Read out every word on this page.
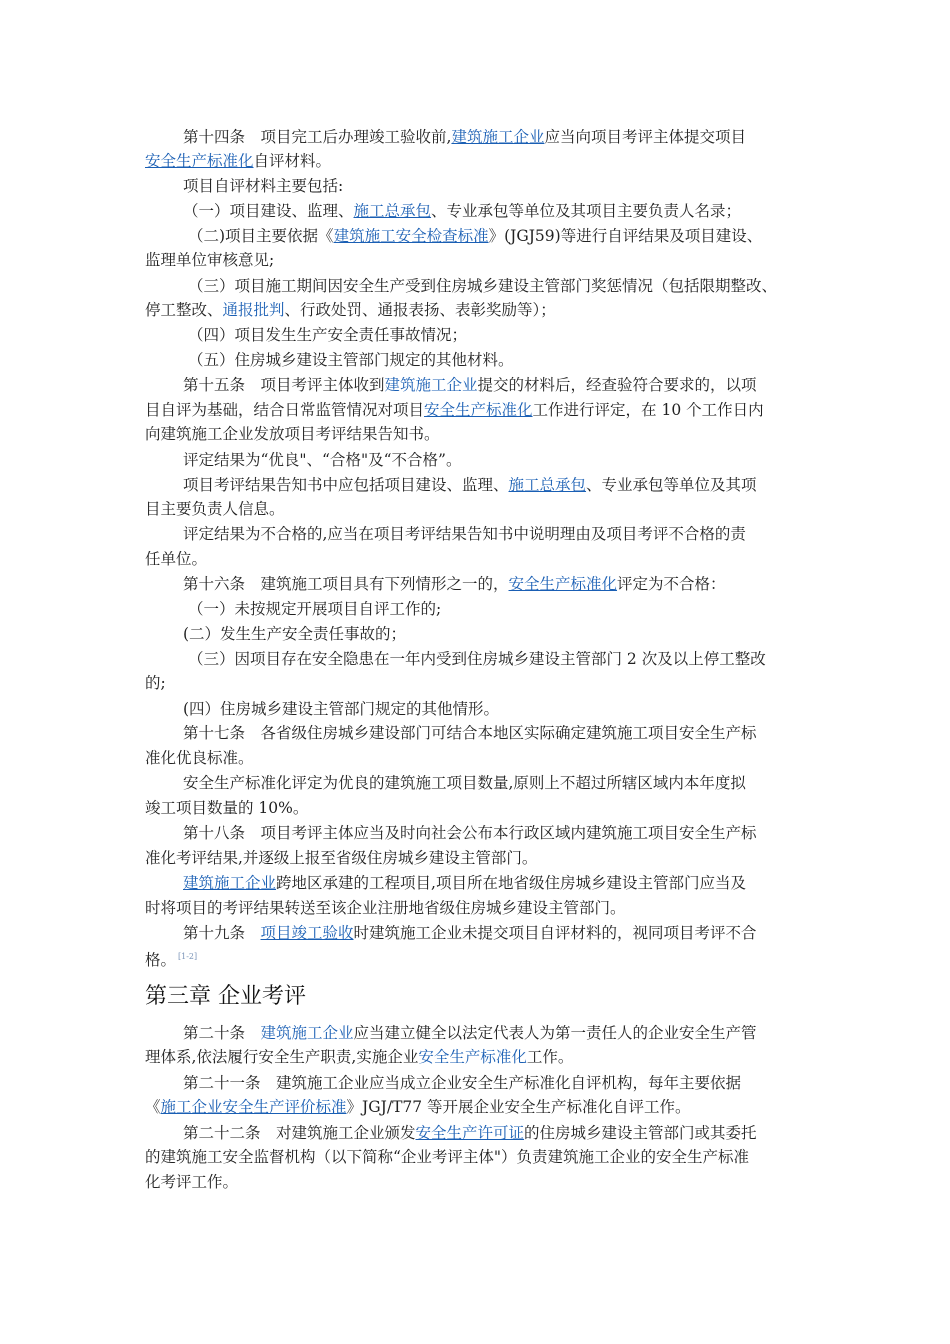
第十四条　项目完工后办理竣工验收前,建筑施工企业应当向项目考评主体提交项目
安全生产标准化自评材料。
项目自评材料主要包括:
（一）项目建设、监理、施工总承包、专业承包等单位及其项目主要负责人名录；
（二)项目主要依据《建筑施工安全检查标准》(JGJ59)等进行自评结果及项目建设、
监理单位审核意见;
（三）项目施工期间因安全生产受到住房城乡建设主管部门奖惩情况（包括限期整改、
停工整改、通报批判、行政处罚、通报表扬、表彰奖励等）；
（四）项目发生生产安全责任事故情况；
（五）住房城乡建设主管部门规定的其他材料。
第十五条　项目考评主体收到建筑施工企业提交的材料后，经查验符合要求的，以项
目自评为基础，结合日常监管情况对项目安全生产标准化工作进行评定，在 10 个工作日内
向建筑施工企业发放项目考评结果告知书。
评定结果为“优良"、“合格"及“不合格”。
项目考评结果告知书中应包括项目建设、监理、施工总承包、专业承包等单位及其项
目主要负责人信息。
评定结果为不合格的,应当在项目考评结果告知书中说明理由及项目考评不合格的责
任单位。
第十六条　建筑施工项目具有下列情形之一的，安全生产标准化评定为不合格：
（一）未按规定开展项目自评工作的;
(二）发生生产安全责任事故的；
（三）因项目存在安全隐患在一年内受到住房城乡建设主管部门 2 次及以上停工整改
的;
(四）住房城乡建设主管部门规定的其他情形。
第十七条　各省级住房城乡建设部门可结合本地区实际确定建筑施工项目安全生产标
准化优良标准。
安全生产标准化评定为优良的建筑施工项目数量,原则上不超过所辖区域内本年度拟
竣工项目数量的 10%。
第十八条　项目考评主体应当及时向社会公布本行政区域内建筑施工项目安全生产标
准化考评结果,并逐级上报至省级住房城乡建设主管部门。
建筑施工企业跨地区承建的工程项目,项目所在地省级住房城乡建设主管部门应当及
时将项目的考评结果转送至该企业注册地省级住房城乡建设主管部门。
第十九条　项目竣工验收时建筑施工企业未提交项目自评材料的，视同项目考评不合
格。 [1-2]
第三章 企业考评
第二十条　建筑施工企业应当建立健全以法定代表人为第一责任人的企业安全生产管
理体系,依法履行安全生产职责,实施企业安全生产标准化工作。
第二十一条　建筑施工企业应当成立企业安全生产标准化自评机构，每年主要依据
《施工企业安全生产评价标准》JGJ/T77 等开展企业安全生产标准化自评工作。
第二十二条　对建筑施工企业颁发安全生产许可证的住房城乡建设主管部门或其委托
的建筑施工安全监督机构（以下简称“企业考评主体"）负责建筑施工企业的安全生产标准
化考评工作。
